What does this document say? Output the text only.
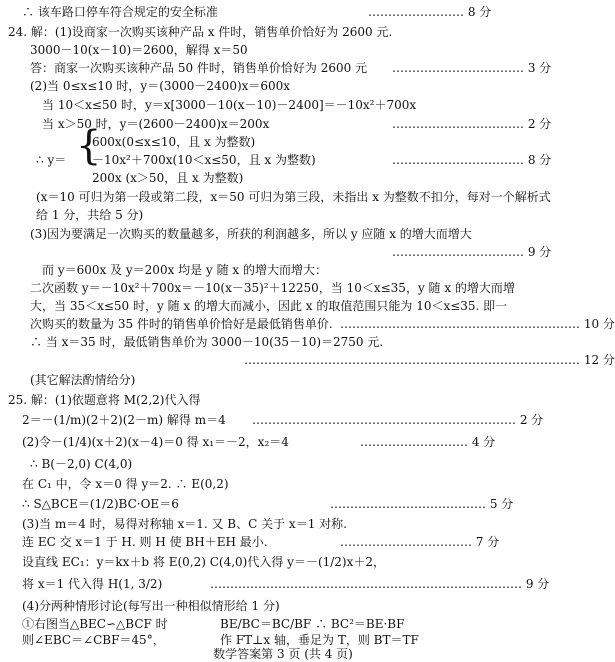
∴ 该车路口停车符合规定的安全标准	…………………… 8 分
24. 解：(1)设商家一次购买该种产品 x 件时，销售单价恰好为 2600 元.
3000－10(x－10)＝2600，解得 x＝50
答：商家一次购买该种产品 50 件时，销售单价恰好为 2600 元 …………………………… 3 分
(2)当 0≤x≤10 时，y＝(3000－2400)x＝600x
当 10＜x≤50 时，y＝x[3000－10(x－10)－2400]＝－10x²＋700x
当 x＞50 时，y＝(2600－2400)x＝200x	…………………………… 2 分
∴ y＝ {
600x(0≤x≤10，且 x 为整数)
－10x²＋700x(10＜x≤50，且 x 为整数)
200x (x＞50，且 x 为整数)
…………………………… 8 分
(x＝10 可归为第一段或第二段，x＝50 可归为第三段，未指出 x 为整数不扣分，每对一个解析式
给 1 分，共给 5 分)
(3)因为要满足一次购买的数量越多，所获的利润越多，所以 y 应随 x 的增大而增大
…………………………… 9 分
而 y＝600x 及 y＝200x 均是 y 随 x 的增大而增大：
二次函数 y＝－10x²＋700x＝－10(x－35)²＋12250，当 10＜x≤35，y 随 x 的增大而增
大，当 35＜x≤50 时，y 随 x 的增大而减小，因此 x 的取值范围只能为 10＜x≤35. 即一
次购买的数量为 35 件时的销售单价恰好是最低销售单价. …………………………………………………… 10 分
∴ 当 x＝35 时，最低销售单价为 3000－10(35－10)＝2750 元.
………………………………………………………………………… 12 分
(其它解法酌情给分)
25. 解：(1)依题意将 M(2,2)代入得
2＝－(1/m)(2＋2)(2－m) 解得 m＝4 ………………………………………………………… 2 分
(2)令－(1/4)(x＋2)(x－4)＝0 得 x₁＝－2，x₂＝4	……………………… 4 分
∴ B(－2,0) C(4,0)
在 C₁ 中，令 x＝0 得 y＝2. ∴ E(0,2)
∴ S△BCE＝(1/2)BC·OE＝6	………………………………… 5 分
(3)当 m＝4 时，易得对称轴 x＝1. 又 B、C 关于 x＝1 对称.
连 EC 交 x＝1 于 H. 则 H 使 BH＋EH 最小.	…………………………… 7 分
设直线 EC₁：y＝kx＋b 将 E(0,2) C(4,0)代入得 y＝－(1/2)x＋2，
将 x＝1 代入得 H(1, 3/2)	…………………………………………………………………… 9 分
(4)分两种情形讨论(每写出一种相似情形给 1 分)
①右图当△BEC∽△BCF 时
则∠EBC＝∠CBF＝45°，
BE/BC＝BC/BF ∴ BC²＝BE·BF
作 FT⊥x 轴，垂足为 T，则 BT＝TF
数学答案第 3 页 (共 4 页)
